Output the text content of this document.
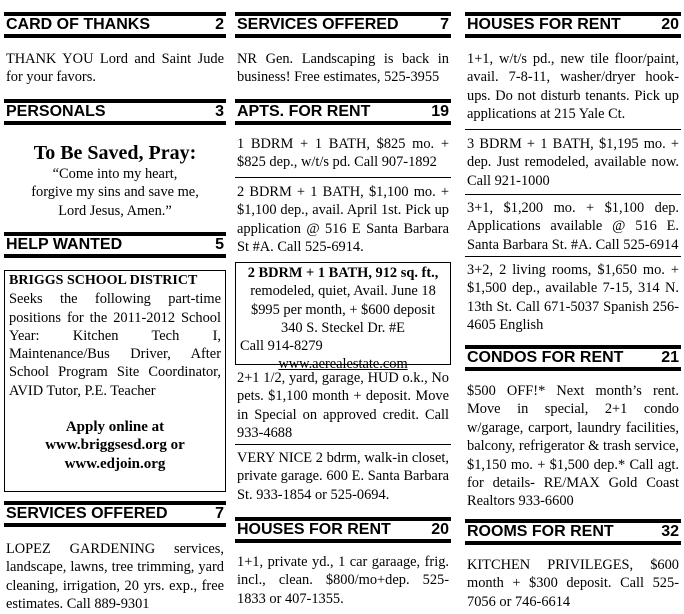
CARD OF THANKS	2

THANK YOU Lord and Saint Jude for your favors.

PERSONALS	3
To Be Saved, Pray:
“Come into my heart,
forgive my sins and save me,
Lord Jesus, Amen.”
HELP WANTED	5
BRIGGS SCHOOL DISTRICT
Seeks the following part-time positions for the 2011-2012 School Year: Kitchen Tech I, Maintenance/Bus Driver, After School Program Site Coordinator, AVID Tutor, P.E. Teacher
Apply online at
www.briggsesd.org or
www.edjoin.org
SERVICES OFFERED	7

LOPEZ GARDENING services, landscape, lawns, tree trimming, yard cleaning, irrigation, 20 yrs. exp., free estimates. Call 889-9301

SERVICES OFFERED	7

NR Gen. Landscaping is back in business! Free estimates, 525-3955

APTS. FOR RENT	19

1 BDRM + 1 BATH, $825 mo. + $825 dep., w/t/s pd. Call 907-1892

2 BDRM + 1 BATH, $1,100 mo. + $1,100 dep., avail. April 1st. Pick up application @ 516 E Santa Barbara St #A. Call 525-6914.

2 BDRM + 1 BATH, 912 sq. ft.,
remodeled, quiet, Avail. June 18
$995 per month, + $600 deposit
340 S. Steckel Dr. #E
Call 914-8279
www.aerealestate.com

2+1 1/2, yard, garage, HUD o.k., No pets. $1,100 month + deposit. Move in Special on approved credit. Call 933-4688

VERY NICE 2 bdrm, walk-in closet, private garage. 600 E. Santa Barbara St. 933-1854 or 525-0694.

HOUSES FOR RENT	20

1+1, private yd., 1 car garaage, frig. incl., clean. $800/mo+dep. 525-1833 or 407-1355.

HOUSES FOR RENT	20

1+1, w/t/s pd., new tile floor/paint, avail. 7-8-11, washer/dryer hook-ups. Do not disturb tenants. Pick up applications at 215 Yale Ct.

3 BDRM + 1 BATH, $1,195 mo. + dep. Just remodeled, available now. Call 921-1000

3+1, $1,200 mo. + $1,100 dep. Applications available @ 516 E. Santa Barbara St. #A. Call 525-6914

3+2, 2 living rooms, $1,650 mo. + $1,500 dep., available 7-15, 314 N. 13th St. Call 671-5037 Spanish 256-4605 English

CONDOS FOR RENT 21

$500 OFF!* Next month’s rent. Move in special, 2+1 condo w/garage, carport, laundry facilities, balcony, refrigerator & trash service, $1,150 mo. + $1,500 dep.* Call agt. for details- RE/MAX Gold Coast Realtors 933-6600

ROOMS FOR RENT	32

KITCHEN PRIVILEGES, $600 month + $300 deposit. Call 525-7056 or 746-6614
